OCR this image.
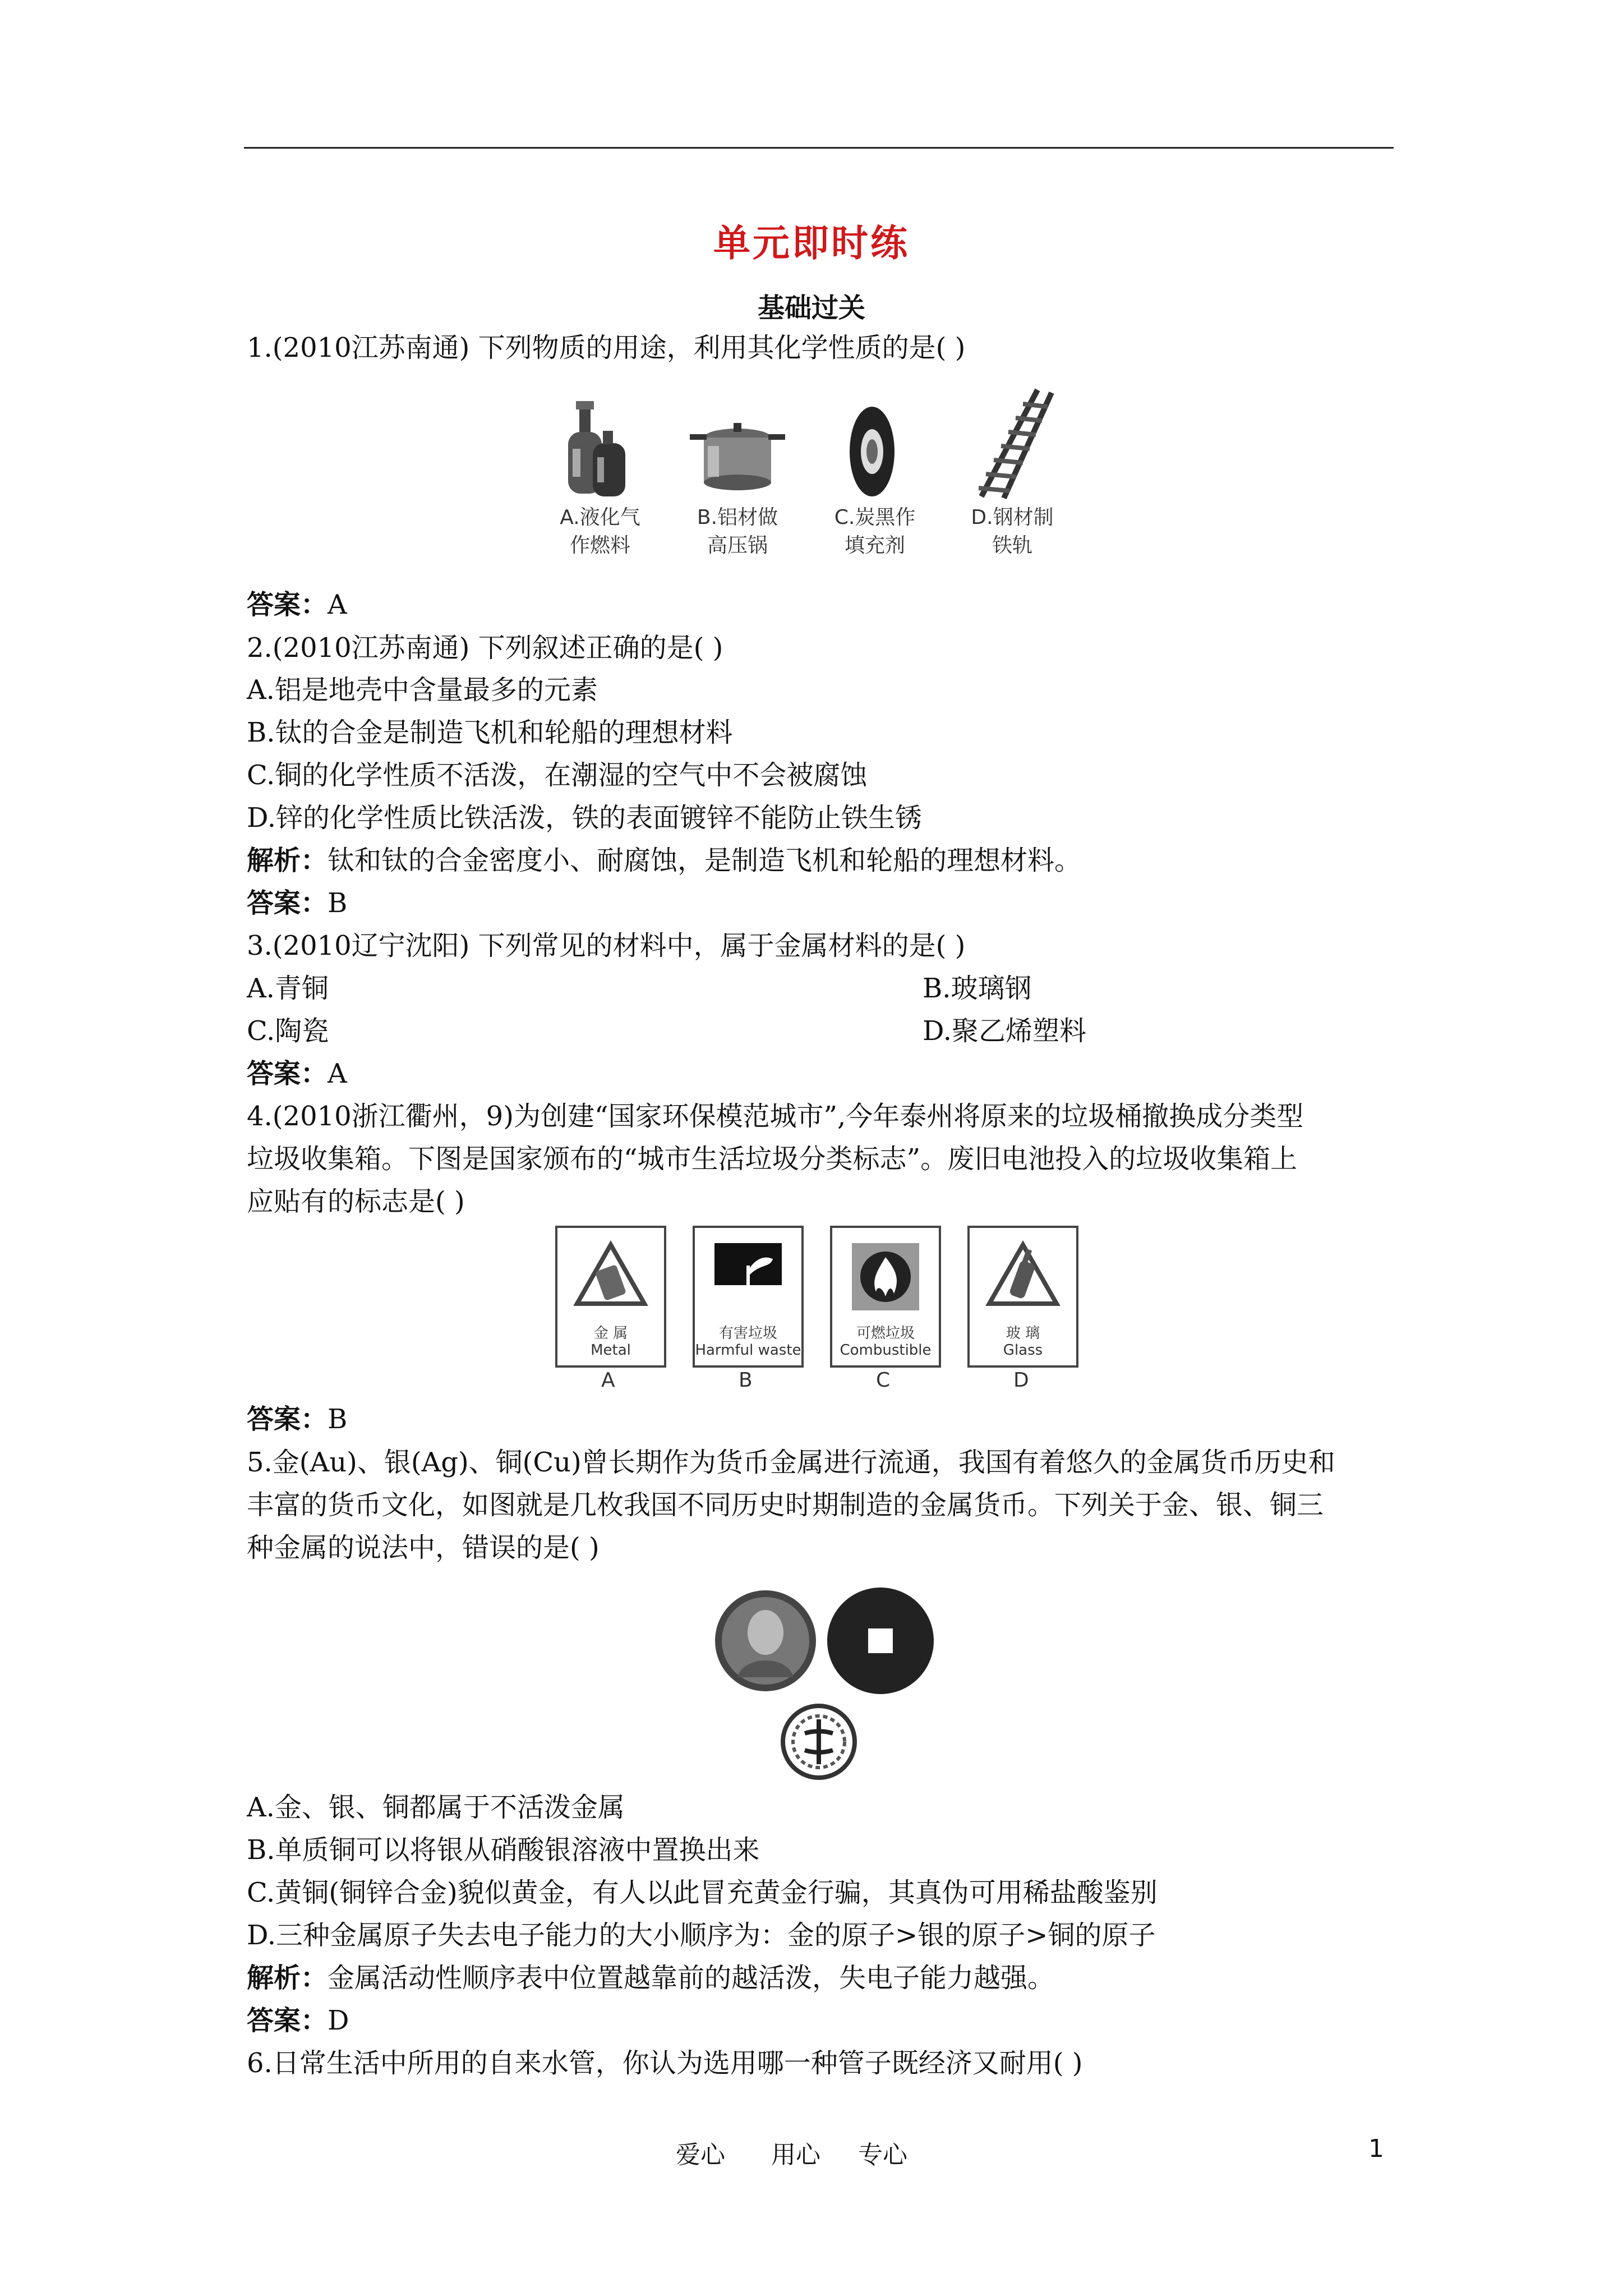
单元即时练
基础过关
1.(2010江苏南通) 下列物质的用途，利用其化学性质的是( )
A.液化气
作燃料
B.铝材做
高压锅
C.炭黑作
填充剂
D.钢材制
铁轨
答案：A
2.(2010江苏南通) 下列叙述正确的是( )
A.铝是地壳中含量最多的元素
B.钛的合金是制造飞机和轮船的理想材料
C.铜的化学性质不活泼，在潮湿的空气中不会被腐蚀
D.锌的化学性质比铁活泼，铁的表面镀锌不能防止铁生锈
解析：钛和钛的合金密度小、耐腐蚀，是制造飞机和轮船的理想材料。
答案：B
3.(2010辽宁沈阳) 下列常见的材料中，属于金属材料的是( )
A.青铜	B.玻璃钢
C.陶瓷	D.聚乙烯塑料
答案：A
4.(2010浙江衢州，9)为创建“国家环保模范城市”,今年泰州将原来的垃圾桶撤换成分类型
垃圾收集箱。下图是国家颁布的“城市生活垃圾分类标志”。废旧电池投入的垃圾收集箱上
应贴有的标志是( )
金 属
Metal
有害垃圾
Harmful waste
可燃垃圾
Combustible
玻 璃
Glass
A	B	C	D
答案：B
5.金(Au)、银(Ag)、铜(Cu)曾长期作为货币金属进行流通，我国有着悠久的金属货币历史和
丰富的货币文化，如图就是几枚我国不同历史时期制造的金属货币。下列关于金、银、铜三
种金属的说法中，错误的是( )
A.金、银、铜都属于不活泼金属
B.单质铜可以将银从硝酸银溶液中置换出来
C.黄铜(铜锌合金)貌似黄金，有人以此冒充黄金行骗，其真伪可用稀盐酸鉴别
D.三种金属原子失去电子能力的大小顺序为：金的原子>银的原子>铜的原子
解析：金属活动性顺序表中位置越靠前的越活泼，失电子能力越强。
答案：D
6.日常生活中所用的自来水管，你认为选用哪一种管子既经济又耐用( )
爱心 用心 专心	1
